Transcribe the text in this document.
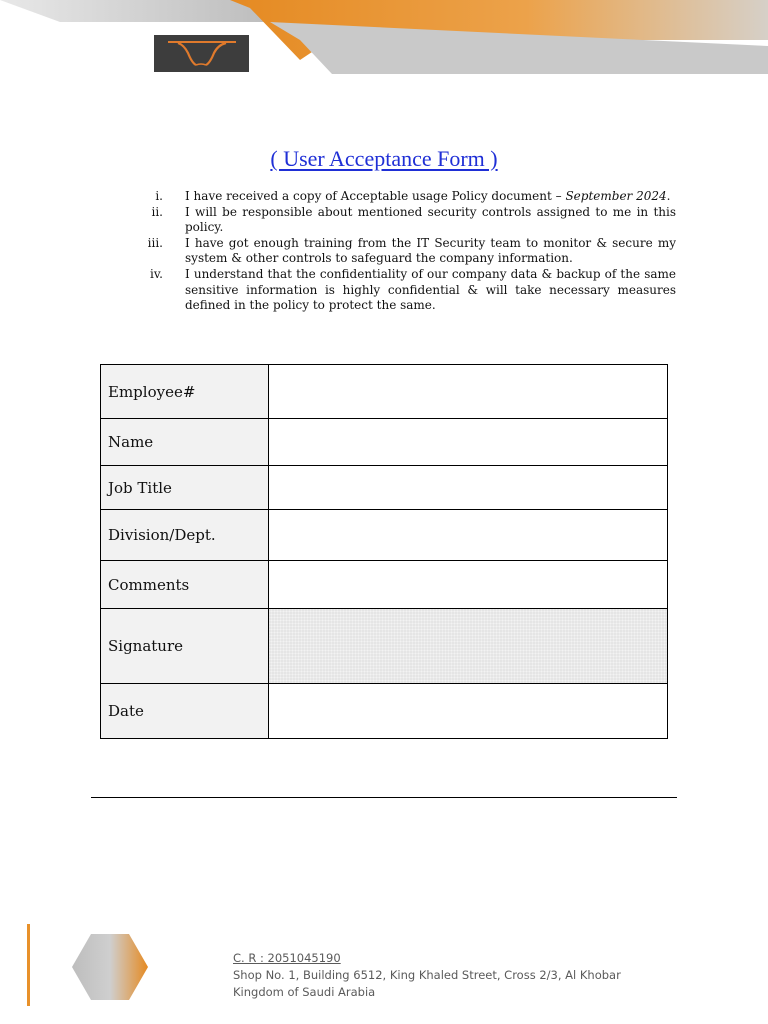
( User Acceptance Form )
i. I have received a copy of Acceptable usage Policy document – September 2024.
ii. I will be responsible about mentioned security controls assigned to me in this policy.
iii. I have got enough training from the IT Security team to monitor & secure my system & other controls to safeguard the company information.
iv. I understand that the confidentiality of our company data & backup of the same sensitive information is highly confidential & will take necessary measures defined in the policy to protect the same.
Employee#	
Name	
Job Title	
Division/Dept.	
Comments	
Signature	
Date	
C. R : 2051045190
Shop No. 1, Building 6512, King Khaled Street, Cross 2/3, Al Khobar
Kingdom of Saudi Arabia
